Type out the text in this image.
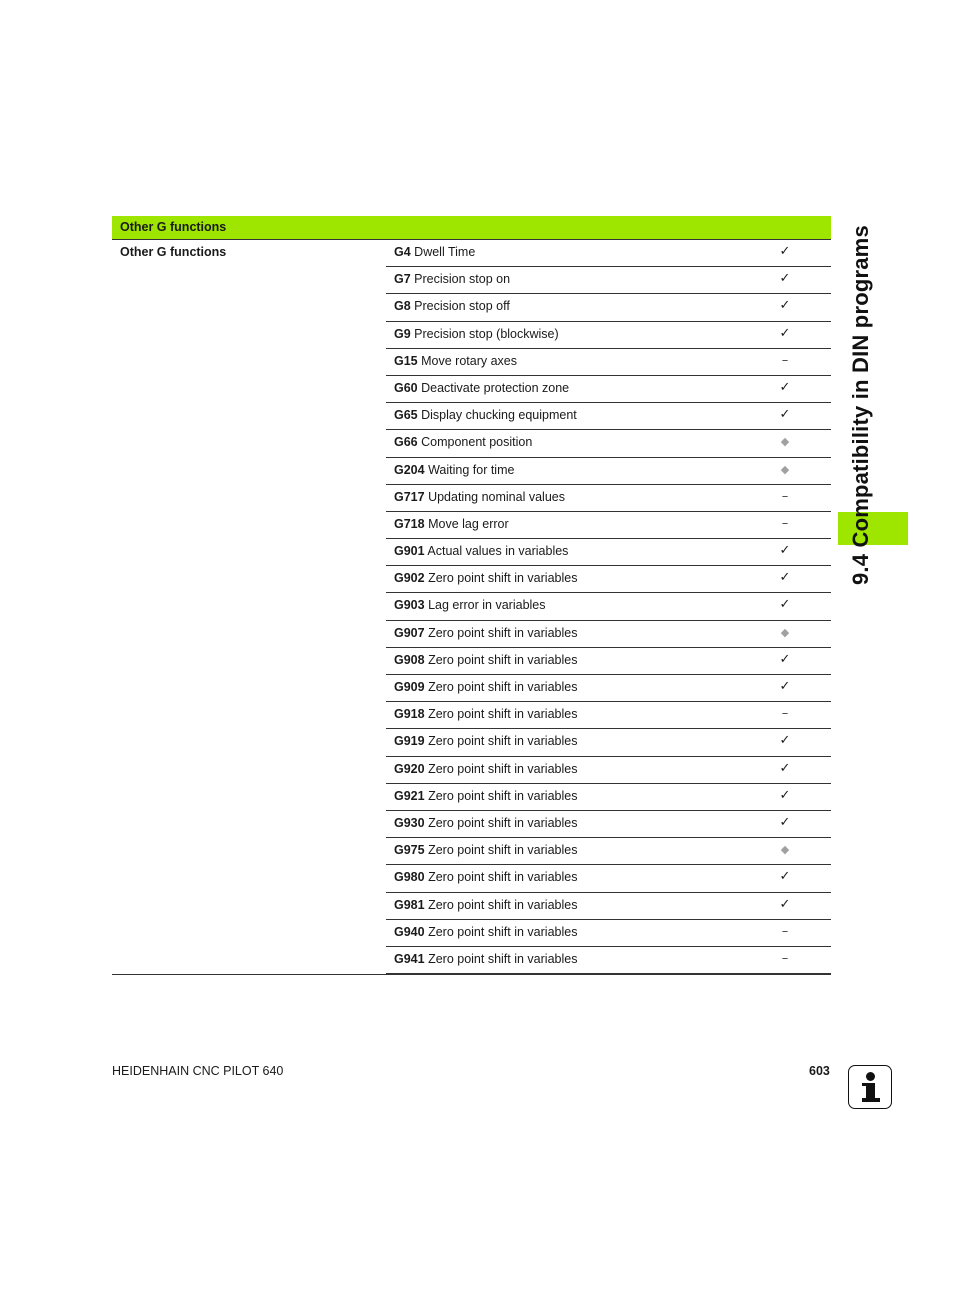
Other G functions
Other G functions	G4 Dwell Time	✓
G7 Precision stop on	✓
G8 Precision stop off	✓
G9 Precision stop (blockwise)	✓
G15 Move rotary axes	–
G60 Deactivate protection zone	✓
G65 Display chucking equipment	✓
G66 Component position	◆
G204 Waiting for time	◆
G717 Updating nominal values	–
G718 Move lag error	–
G901 Actual values in variables	✓
G902 Zero point shift in variables	✓
G903 Lag error in variables	✓
G907 Zero point shift in variables	◆
G908 Zero point shift in variables	✓
G909 Zero point shift in variables	✓
G918 Zero point shift in variables	–
G919 Zero point shift in variables	✓
G920 Zero point shift in variables	✓
G921 Zero point shift in variables	✓
G930 Zero point shift in variables	✓
G975 Zero point shift in variables	◆
G980 Zero point shift in variables	✓
G981 Zero point shift in variables	✓
G940 Zero point shift in variables	–
G941 Zero point shift in variables	–
9.4 Compatibility in DIN programs
HEIDENHAIN CNC PILOT 640	603
